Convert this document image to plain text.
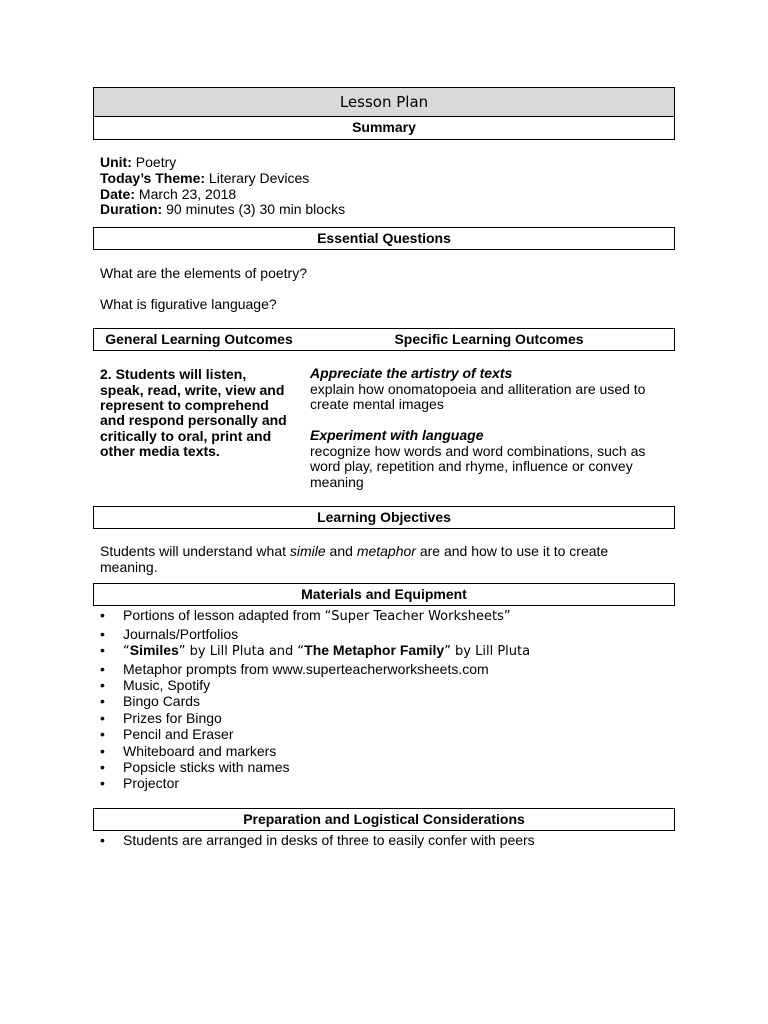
Lesson Plan
Summary
Unit: Poetry
Today’s Theme: Literary Devices
Date: March 23, 2018
Duration: 90 minutes (3) 30 min blocks
Essential Questions

What are the elements of poetry?

What is figurative language?

General Learning Outcomes	Specific Learning Outcomes
2. Students will listen,
speak, read, write, view and
represent to comprehend
and respond personally and
critically to oral, print and
other media texts.
Appreciate the artistry of texts
explain how onomatopoeia and alliteration are used to
create mental images
Experiment with language
recognize how words and word combinations, such as
word play, repetition and rhyme, influence or convey
meaning
Learning Objectives
Students will understand what simile and metaphor are and how to use it to create
meaning.
Materials and Equipment
• Portions of lesson adapted from “Super Teacher Worksheets”
• Journals/Portfolios
• “Similes” by Lill Pluta and “The Metaphor Family” by Lill Pluta
• Metaphor prompts from www.superteacherworksheets.com
• Music, Spotify
• Bingo Cards
• Prizes for Bingo
• Pencil and Eraser
• Whiteboard and markers
• Popsicle sticks with names
• Projector
Preparation and Logistical Considerations
• Students are arranged in desks of three to easily confer with peers
